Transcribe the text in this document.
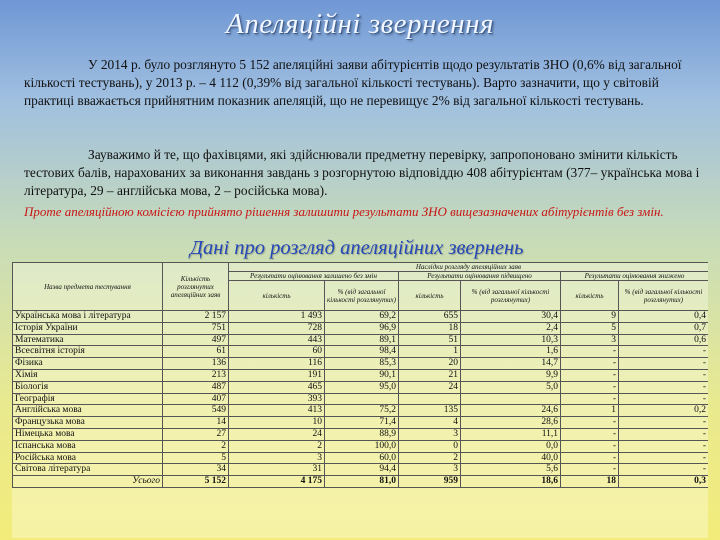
Апеляційні звернення
У 2014 р. було розглянуто 5 152 апеляційні заяви абітурієнтів щодо результатів ЗНО (0,6% від загальної кількості тестувань), у 2013 р. – 4 112 (0,39% від загальної кількості тестувань). Варто зазначити, що у світовій практиці вважається прийнятним показник апеляцій, що не перевищує 2% від загальної кількості тестувань.
Зауважимо й те, що фахівцями, які здійснювали предметну перевірку, запропоновано змінити кількість тестових балів, нарахованих за виконання завдань з розгорнутою відповіддю 408 абітурієнтам (377– українська мова і література, 29 – англійська мова, 2 – російська мова).
Проте апеляційною комісією прийнято рішення залишити результати ЗНО вищезазначених абітурієнтів без змін.
Дані про розгляд апеляційних звернень
Назва предмета тестування	Кількість розглянутих апеляційних заяв	Наслідки розгляду апеляційних заяв					
		Результати оцінювання залишено без змін		Результати оцінювання підвищено		Результати оцінювання знижено	
		кількість	% (від загальної кількості розглянутих)	кількість	% (від загальної кількості розглянутих)	кількість	% (від загальної кількості розглянутих)
Українська мова і література	2 157	1 493	69,2	655	30,4	9	0,4
Історія України	751	728	96,9	18	2,4	5	0,7
Математика	497	443	89,1	51	10,3	3	0,6
Всесвітня історія	61	60	98,4	1	1,6	-	-
Фізика	136	116	85,3	20	14,7	-	-
Хімія	213	191	90,1	21	9,9	-	-
Біологія	487	465	95,0	24	5,0	-	-
Географія	407	393				-	-
Англійська мова	549	413	75,2	135	24,6	1	0,2
Французька мова	14	10	71,4	4	28,6	-	-
Німецька мова	27	24	88,9	3	11,1	-	-
Іспанська мова	2	2	100,0	0	0,0	-	-
Російська мова	5	3	60,0	2	40,0	-	-
Світова література	34	31	94,4	3	5,6	-	-
Усього	5 152	4 175	81,0	959	18,6	18	0,3
